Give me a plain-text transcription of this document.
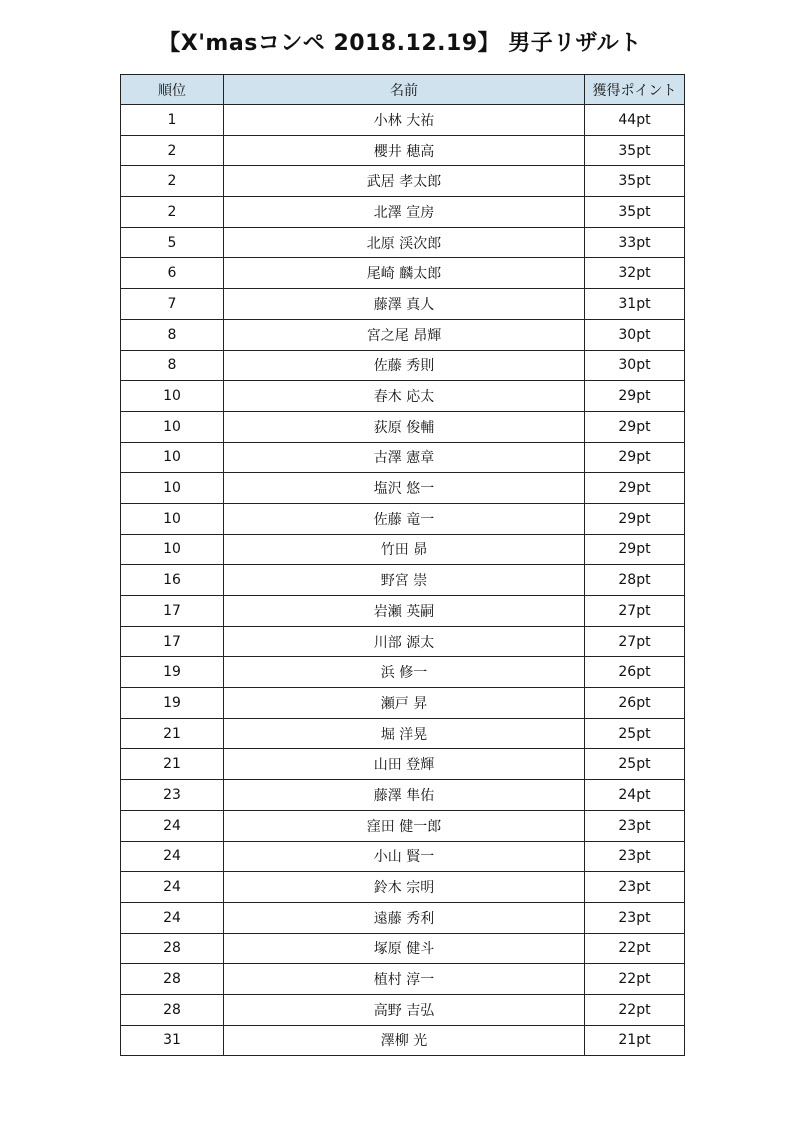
【X'masコンペ 2018.12.19】 男子リザルト
順位	名前	獲得ポイント
1	小林 大祐	44pt
2	櫻井 穂高	35pt
2	武居 孝太郎	35pt
2	北澤 宣房	35pt
5	北原 渓次郎	33pt
6	尾崎 麟太郎	32pt
7	藤澤 真人	31pt
8	宮之尾 昂輝	30pt
8	佐藤 秀則	30pt
10	春木 応太	29pt
10	荻原 俊輔	29pt
10	古澤 憲章	29pt
10	塩沢 悠一	29pt
10	佐藤 竜一	29pt
10	竹田 昴	29pt
16	野宮 崇	28pt
17	岩瀬 英嗣	27pt
17	川部 源太	27pt
19	浜 修一	26pt
19	瀬戸 昇	26pt
21	堀 洋晃	25pt
21	山田 登輝	25pt
23	藤澤 隼佑	24pt
24	窪田 健一郎	23pt
24	小山 賢一	23pt
24	鈴木 宗明	23pt
24	遠藤 秀利	23pt
28	塚原 健斗	22pt
28	植村 淳一	22pt
28	高野 吉弘	22pt
31	澤柳 光	21pt
